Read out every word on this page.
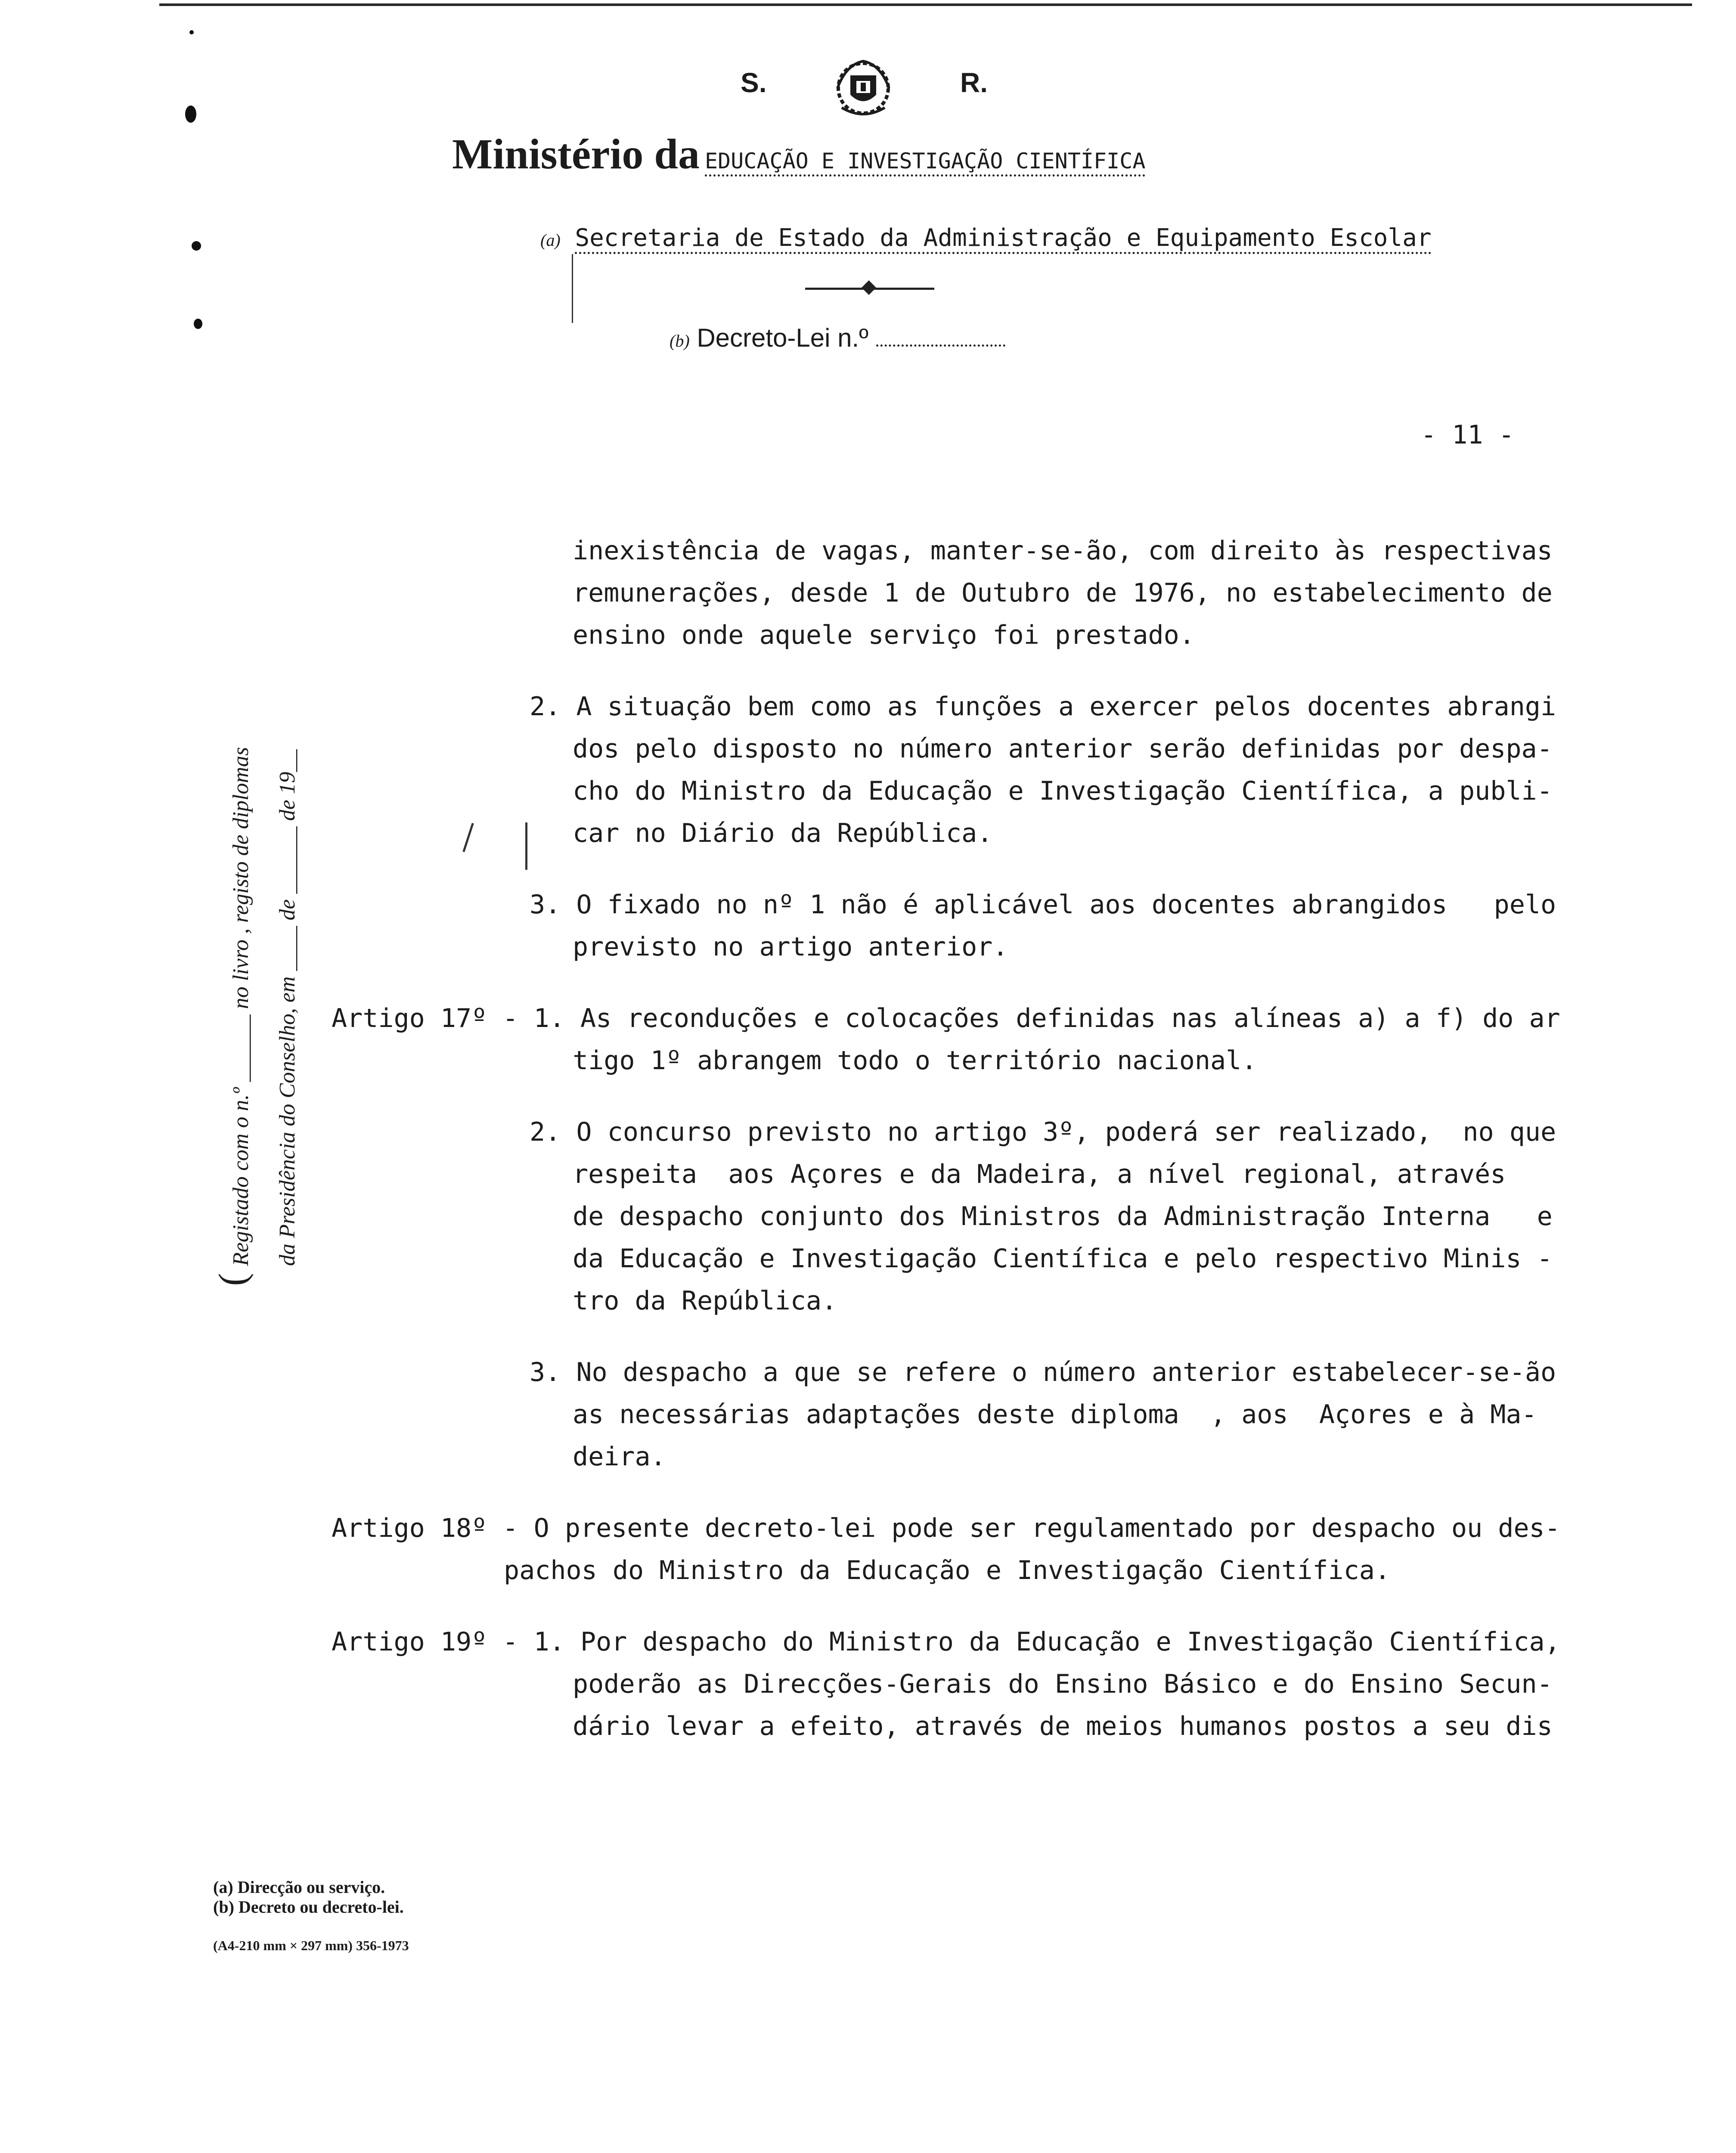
S.	R.
Ministério da EDUCAÇÃO E INVESTIGAÇÃO CIENTÍFICA
(a) Secretaria de Estado da Administração e Equipamento Escolar
(b) Decreto-Lei n.º
- 11 -
Registado com o n.º ______ no livro , registo de diplomas da Presidência do Conselho, em ____ de ______ de 19__
(
inexistência de vagas, manter-se-ão, com direito às respectivas
remunerações, desde 1 de Outubro de 1976, no estabelecimento de
ensino onde aquele serviço foi prestado.
2. A situação bem como as funções a exercer pelos docentes abrangi
dos pelo disposto no número anterior serão definidas por despa-
cho do Ministro da Educação e Investigação Científica, a publi-
car no Diário da República.
3. O fixado no nº 1 não é aplicável aos docentes abrangidos   pelo
previsto no artigo anterior.
Artigo 17º - 1. As reconduções e colocações definidas nas alíneas a) a f) do ar
tigo 1º abrangem todo o território nacional.
2. O concurso previsto no artigo 3º, poderá ser realizado,  no que
respeita  aos Açores e da Madeira, a nível regional, através
de despacho conjunto dos Ministros da Administração Interna   e
da Educação e Investigação Científica e pelo respectivo Minis -
tro da República.
3. No despacho a que se refere o número anterior estabelecer-se-ão
as necessárias adaptações deste diploma  , aos  Açores e à Ma-
deira.
Artigo 18º - O presente decreto-lei pode ser regulamentado por despacho ou des-
pachos do Ministro da Educação e Investigação Científica.
Artigo 19º - 1. Por despacho do Ministro da Educação e Investigação Científica,
poderão as Direcções-Gerais do Ensino Básico e do Ensino Secun-
dário levar a efeito, através de meios humanos postos a seu dis
(a) Direcção ou serviço.
(b) Decreto ou decreto-lei.
(A4-210 mm × 297 mm) 356-1973
